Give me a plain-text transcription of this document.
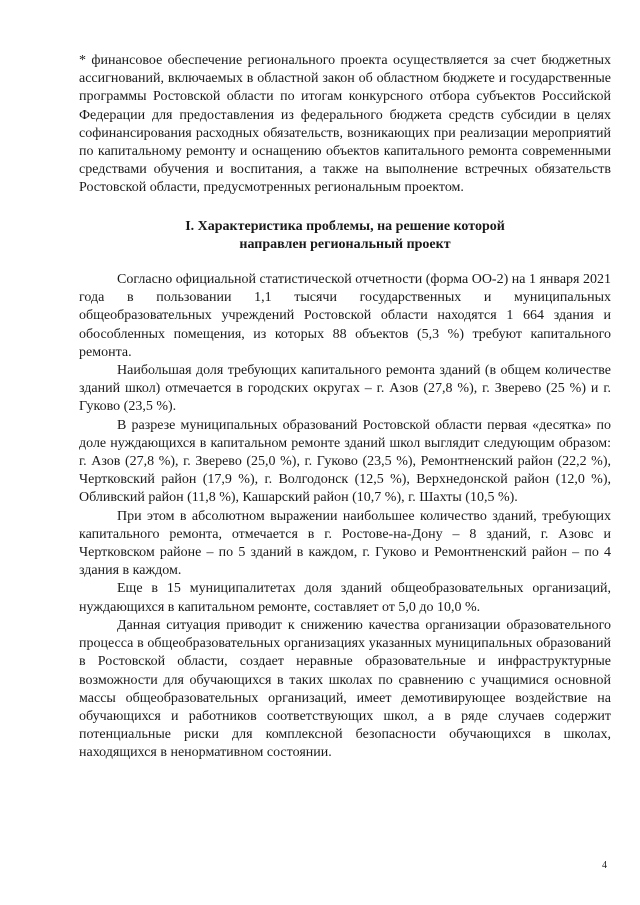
* финансовое обеспечение регионального проекта осуществляется за счет бюджетных ассигнований, включаемых в областной закон об областном бюджете и государственные программы Ростовской области по итогам конкурсного отбора субъектов Российской Федерации для предоставления из федерального бюджета средств субсидии в целях софинансирования расходных обязательств, возникающих при реализации мероприятий по капитальному ремонту и оснащению объектов капитального ремонта современными средствами обучения и воспитания, а также на выполнение встречных обязательств Ростовской области, предусмотренных региональным проектом.

I. Характеристика проблемы, на решение которой
направлен региональный проект

Согласно официальной статистической отчетности (форма ОО-2) на 1 января 2021 года в пользовании 1,1 тысячи государственных и муниципальных общеобразовательных учреждений Ростовской области находятся 1 664 здания и обособленных помещения, из которых 88 объектов (5,3 %) требуют капитального ремонта.

Наибольшая доля требующих капитального ремонта зданий (в общем количестве зданий школ) отмечается в городских округах – г. Азов (27,8 %), г. Зверево (25 %) и г. Гуково (23,5 %).

В разрезе муниципальных образований Ростовской области первая «десятка» по доле нуждающихся в капитальном ремонте зданий школ выглядит следующим образом: г. Азов (27,8 %), г. Зверево (25,0 %), г. Гуково (23,5 %), Ремонтненский район (22,2 %), Чертковский район (17,9 %), г. Волгодонск (12,5 %), Верхнедонской район (12,0 %), Обливский район (11,8 %), Кашарский район (10,7 %), г. Шахты (10,5 %).

При этом в абсолютном выражении наибольшее количество зданий, требующих капитального ремонта, отмечается в г. Ростове-на-Дону – 8 зданий, г. Азовс и Чертковском районе – по 5 зданий в каждом, г. Гуково и Ремонтненский район – по 4 здания в каждом.

Еще в 15 муниципалитетах доля зданий общеобразовательных организаций, нуждающихся в капитальном ремонте, составляет от 5,0 до 10,0 %.

Данная ситуация приводит к снижению качества организации образовательного процесса в общеобразовательных организациях указанных муниципальных образований в Ростовской области, создает неравные образовательные и инфраструктурные возможности для обучающихся в таких школах по сравнению с учащимися основной массы общеобразовательных организаций, имеет демотивирующее воздействие на обучающихся и работников соответствующих школ, а в ряде случаев содержит потенциальные риски для комплексной безопасности обучающихся в школах, находящихся в ненормативном состоянии.

4
